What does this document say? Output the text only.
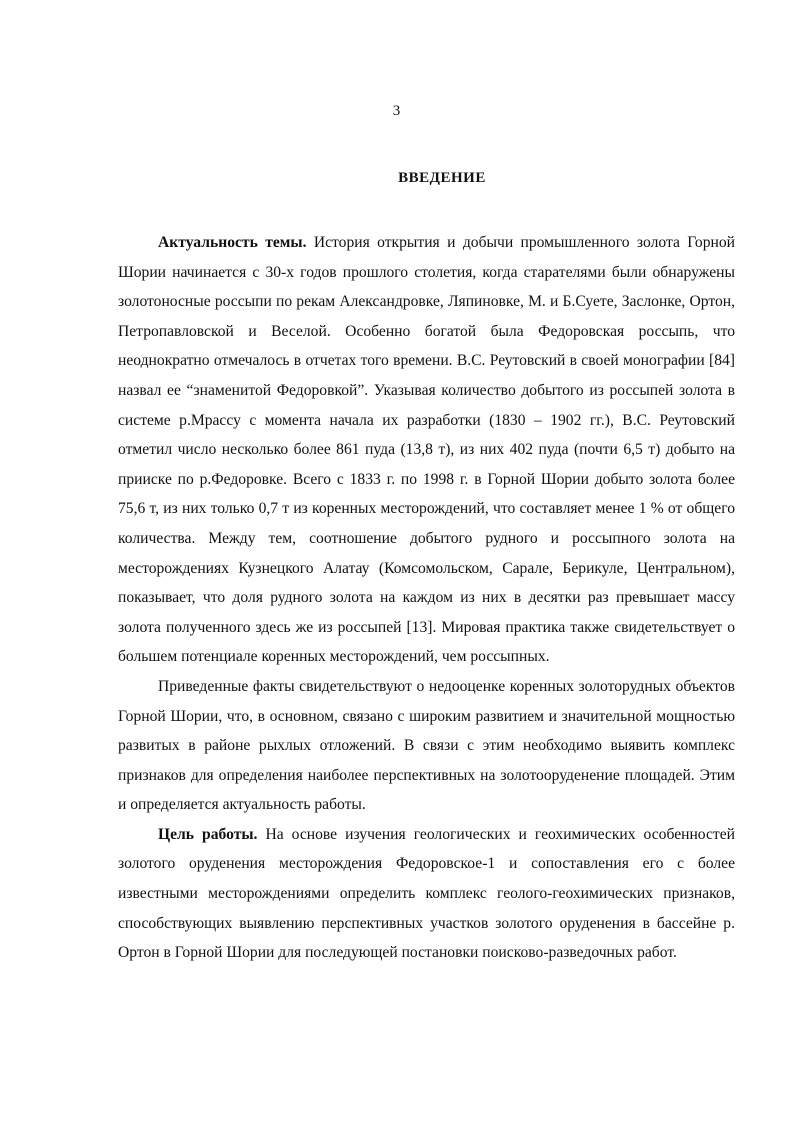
3
ВВЕДЕНИЕ

Актуальность темы. История открытия и добычи промышленного золота Горной Шории начинается с 30-х годов прошлого столетия, когда старателями были обнаружены золотоносные россыпи по рекам Александровке, Ляпиновке, М. и Б.Суете, Заслонке, Ортон, Петропавловской и Веселой. Особенно богатой была Федоровская россыпь, что неоднократно отмечалось в отчетах того времени. В.С. Реутовский в своей монографии [84] назвал ее “знаменитой Федоровкой”. Указывая количество добытого из россыпей золота в системе р.Мрассу с момента начала их разработки (1830 – 1902 гг.), В.С. Реутовский отметил число несколько более 861 пуда (13,8 т), из них 402 пуда (почти 6,5 т) добыто на прииске по р.Федоровке. Всего с 1833 г. по 1998 г. в Горной Шории добыто золота более 75,6 т, из них только 0,7 т из коренных месторождений, что составляет менее 1 % от общего количества. Между тем, соотношение добытого рудного и россыпного золота на месторождениях Кузнецкого Алатау (Комсомольском, Сарале, Берикуле, Центральном), показывает, что доля рудного золота на каждом из них в десятки раз превышает массу золота полученного здесь же из россыпей [13]. Мировая практика также свидетельствует о большем потенциале коренных месторождений, чем россыпных.

Приведенные факты свидетельствуют о недооценке коренных золоторудных объектов Горной Шории, что, в основном, связано с широким развитием и значительной мощностью развитых в районе рыхлых отложений. В связи с этим необходимо выявить комплекс признаков для определения наиболее перспективных на золотооруденение площадей. Этим и определяется актуальность работы.

Цель работы. На основе изучения геологических и геохимических особенностей золотого оруденения месторождения Федоровское-1 и сопоставления его с более известными месторождениями определить комплекс геолого-геохимических признаков, способствующих выявлению перспективных участков золотого оруденения в бассейне р. Ортон в Горной Шории для последующей постановки поисково-разведочных работ.
